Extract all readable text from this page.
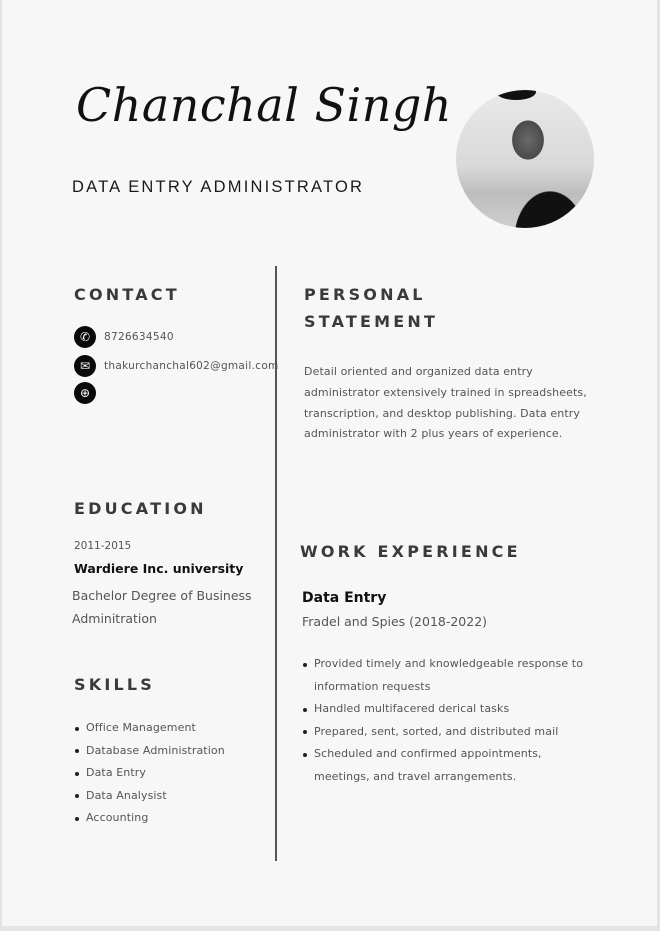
Chanchal Singh
DATA ENTRY ADMINISTRATOR
CONTACT
✆	8726634540
✉	thakurchanchal602@gmail.com
⊕
PERSONAL
STATEMENT
Detail oriented and organized data entry
administrator extensively trained in spreadsheets,
transcription, and desktop publishing. Data entry
administrator with 2 plus years of experience.
EDUCATION
2011-2015
Wardiere Inc. university
Bachelor Degree of Business Adminitration
SKILLS
Office Management
Database Administration
Data Entry
Data Analysist
Accounting
WORK EXPERIENCE
Data Entry
Fradel and Spies (2018-2022)
Provided timely and knowledgeable response to
information requests
Handled multifacered derical tasks
Prepared, sent, sorted, and distributed mail
Scheduled and confirmed appointments,
meetings, and travel arrangements.
